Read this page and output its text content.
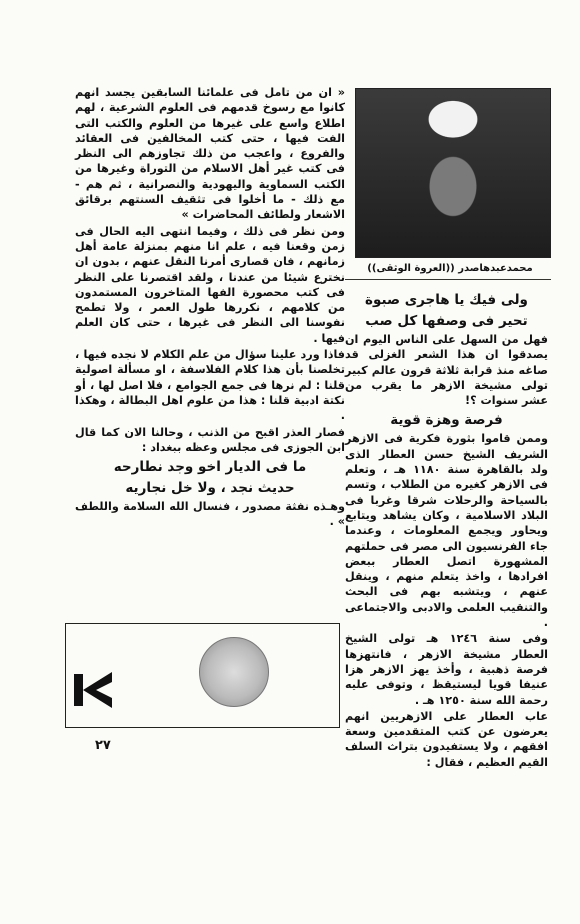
محمدعبدهاصدر ((العروة الوثقى))
ولى فيك يا هاجرى صبوة
تحير فى وصفها كل صب

فهل من السهل على الناس اليوم ان يصدقوا ان هذا الشعر الغزلى قد صاغه منذ قرابة ثلاثة قرون عالم كبير تولى مشيخة الازهر ما يقرب من عشر سنوات ؟!

فرصة وهزة قوية

وممن قاموا بثورة فكرية فى الازهر الشريف الشيخ حسن العطار الذى ولد بالقاهرة سنة ١١٨٠ هـ ، وتعلم فى الازهر كغيره من الطلاب ، وتسم بالسياحة والرحلات شرقا وغربا فى البلاد الاسلامية ، وكان يشاهد ويتابع ويحاور ويجمع المعلومات ، وعندما جاء الفرنسيون الى مصر فى حملتهم المشهورة اتصل العطار ببعض افرادها ، واخذ يتعلم منهم ، وينقل عنهم ، ويتشبه بهم فى البحث والتنقيب العلمى والادبى والاجتماعى .

وفى سنة ١٢٤٦ هـ تولى الشيخ العطار مشيخة الازهر ، فانتهزها فرصة ذهبية ، وأخذ يهز الازهر هزا عنيفا قويا ليستيقظ ، وتوفى عليه رحمة الله سنة ١٢٥٠ هـ .

عاب العطار على الازهريين انهم يعرضون عن كتب المتقدمين وسعة افقهم ، ولا يستفيدون بتراث السلف القيم العظيم ، فقال :

« ان من تامل فى علمائنا السابقين يجسد انهم كانوا مع رسوخ قدمهم فى العلوم الشرعية ، لهم اطلاع واسع على غيرها من العلوم والكتب التى الفت فيها ، حتى كتب المخالفين فى العقائد والفروع ، واعجب من ذلك تجاوزهم الى النظر فى كتب غير أهل الاسلام من التوراة وغيرها من الكتب السماوية واليهودية والنصرانية ، ثم هم - مع ذلك - ما أخلوا فى تثقيف السنتهم برقائق الاشعار ولطائف المحاضرات »

ومن نظر فى ذلك ، وفيما انتهى اليه الحال فى زمن وقعنا فيه ، علم انا منهم بمنزلة عامة أهل زمانهم ، فان قصارى أمرنا النقل عنهم ، بدون ان نخترع شيئا من عندنا ، ولقد اقتصرنا على النظر فى كتب محصورة الفها المتاخرون المستمدون من كلامهم ، نكررها طول العمر ، ولا تطمح نفوسنا الى النظر فى غيرها ، حتى كان العلم فيها .

فاذا ورد علينا سؤال من علم الكلام لا نجده فيها ، تخلصنا بأن هذا كلام الفلاسفة ، او مسألة اصولية قلنا : لم نرها فى جمع الجوامع ، فلا اصل لها ، أو نكتة ادبية قلنا : هذا من علوم اهل البطالة ، وهكذا .

فصار العذر اقبح من الذنب ، وحالنا الان كما قال ابن الجوزى فى مجلس وعظه ببغداد :

ما فى الديار اخو وجد نطارحه
حديث نجد ، ولا خل نجاريه

وهـذه نفثة مصدور ، فنسال الله السلامة واللطف » .

٢٧
